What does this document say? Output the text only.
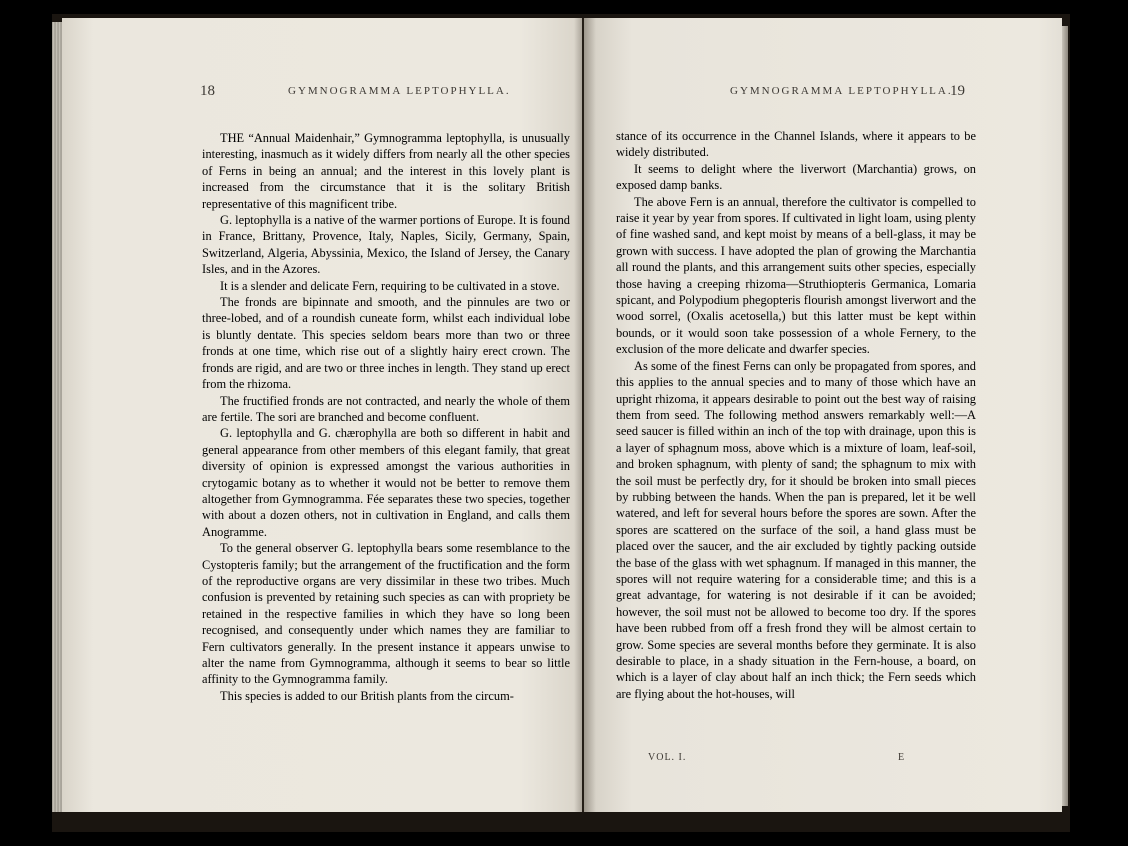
18	GYMNOGRAMMA LEPTOPHYLLA.

THE “Annual Maidenhair,” Gymnogramma leptophylla, is unusually interesting, inasmuch as it widely differs from nearly all the other species of Ferns in being an annual; and the interest in this lovely plant is increased from the circumstance that it is the solitary British representative of this magnificent tribe.

G. leptophylla is a native of the warmer portions of Europe. It is found in France, Brittany, Provence, Italy, Naples, Sicily, Germany, Spain, Switzerland, Algeria, Abyssinia, Mexico, the Island of Jersey, the Canary Isles, and in the Azores.

It is a slender and delicate Fern, requiring to be cultivated in a stove.

The fronds are bipinnate and smooth, and the pinnules are two or three-lobed, and of a roundish cuneate form, whilst each individual lobe is bluntly dentate. This species seldom bears more than two or three fronds at one time, which rise out of a slightly hairy erect crown. The fronds are rigid, and are two or three inches in length. They stand up erect from the rhizoma.

The fructified fronds are not contracted, and nearly the whole of them are fertile. The sori are branched and become confluent.

G. leptophylla and G. chærophylla are both so different in habit and general appearance from other members of this elegant family, that great diversity of opinion is expressed amongst the various authorities in crytogamic botany as to whether it would not be better to remove them altogether from Gymnogramma. Fée separates these two species, together with about a dozen others, not in cultivation in England, and calls them Anogramme.

To the general observer G. leptophylla bears some resemblance to the Cystopteris family; but the arrangement of the fructification and the form of the reproductive organs are very dissimilar in these two tribes. Much confusion is prevented by retaining such species as can with propriety be retained in the respective families in which they have so long been recognised, and consequently under which names they are familiar to Fern cultivators generally. In the present instance it appears unwise to alter the name from Gymnogramma, although it seems to bear so little affinity to the Gymnogramma family.

This species is added to our British plants from the circum-

GYMNOGRAMMA LEPTOPHYLLA.
19

stance of its occurrence in the Channel Islands, where it appears to be widely distributed.

It seems to delight where the liverwort (Marchantia) grows, on exposed damp banks.

The above Fern is an annual, therefore the cultivator is compelled to raise it year by year from spores. If cultivated in light loam, using plenty of fine washed sand, and kept moist by means of a bell-glass, it may be grown with success. I have adopted the plan of growing the Marchantia all round the plants, and this arrangement suits other species, especially those having a creeping rhizoma—Struthiopteris Germanica, Lomaria spicant, and Polypodium phegopteris flourish amongst liverwort and the wood sorrel, (Oxalis acetosella,) but this latter must be kept within bounds, or it would soon take possession of a whole Fernery, to the exclusion of the more delicate and dwarfer species.

As some of the finest Ferns can only be propagated from spores, and this applies to the annual species and to many of those which have an upright rhizoma, it appears desirable to point out the best way of raising them from seed. The following method answers remarkably well:—A seed saucer is filled within an inch of the top with drainage, upon this is a layer of sphagnum moss, above which is a mixture of loam, leaf-soil, and broken sphagnum, with plenty of sand; the sphagnum to mix with the soil must be perfectly dry, for it should be broken into small pieces by rubbing between the hands. When the pan is prepared, let it be well watered, and left for several hours before the spores are sown. After the spores are scattered on the surface of the soil, a hand glass must be placed over the saucer, and the air excluded by tightly packing outside the base of the glass with wet sphagnum. If managed in this manner, the spores will not require watering for a considerable time; and this is a great advantage, for watering is not desirable if it can be avoided; however, the soil must not be allowed to become too dry. If the spores have been rubbed from off a fresh frond they will be almost certain to grow. Some species are several months before they germinate. It is also desirable to place, in a shady situation in the Fern-house, a board, on which is a layer of clay about half an inch thick; the Fern seeds which are flying about the hot-houses, will

VOL. I.	E
